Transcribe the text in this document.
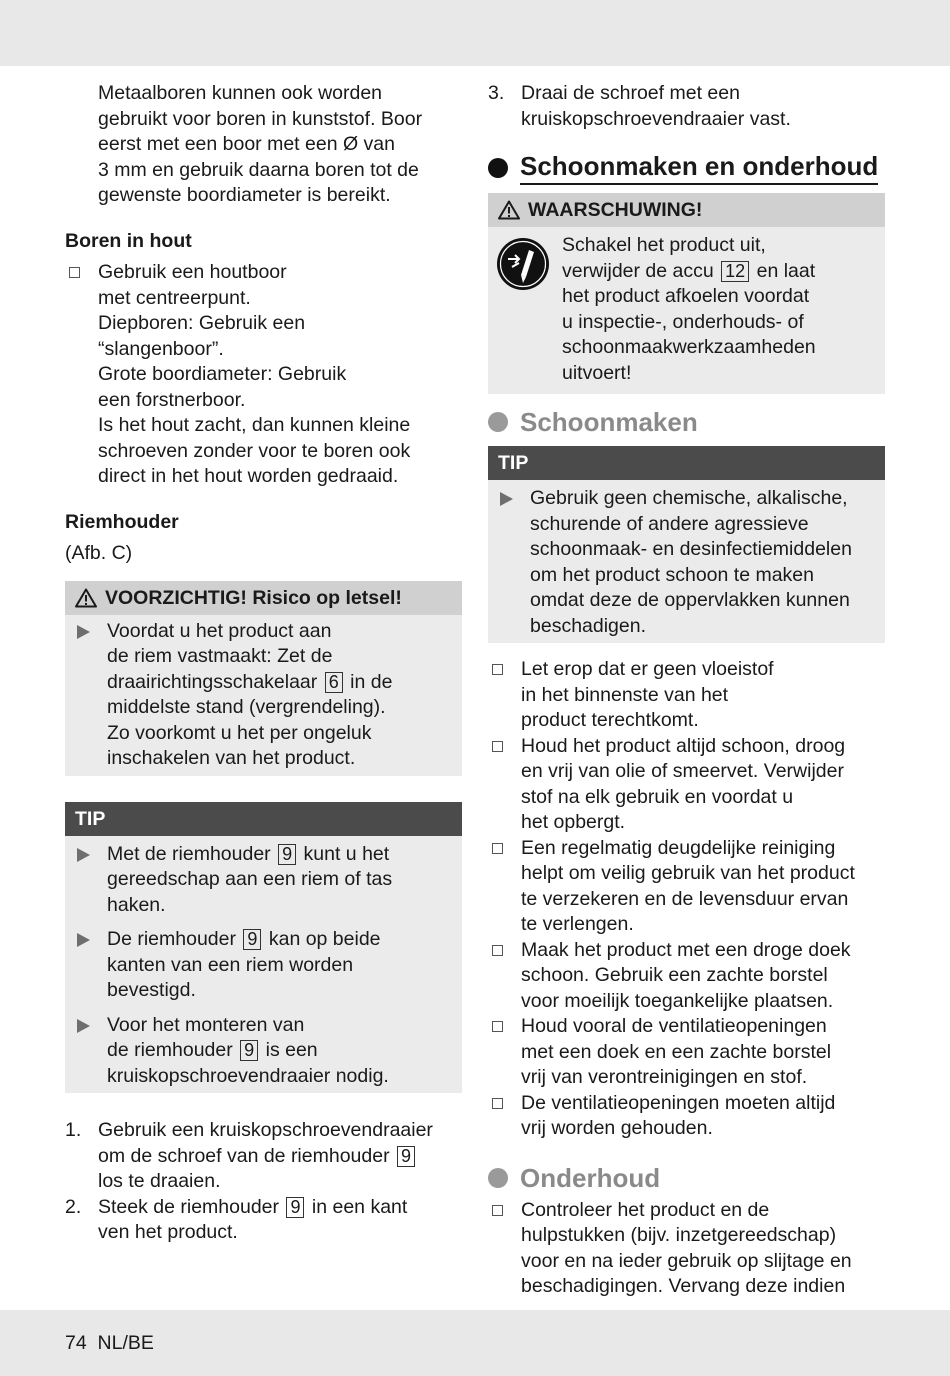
Metaalboren kunnen ook worden
gebruikt voor boren in kunststof. Boor
eerst met een boor met een Ø van
3 mm en gebruik daarna boren tot de
gewenste boordiameter is bereikt.
Boren in hout
Gebruik een houtboor
met centreerpunt.
Diepboren: Gebruik een
“slangenboor”.
Grote boordiameter: Gebruik
een forstnerboor.
Is het hout zacht, dan kunnen kleine
schroeven zonder voor te boren ook
direct in het hout worden gedraaid.
Riemhouder
(Afb. C)
VOORZICHTIG! Risico op letsel!
Voordat u het product aan
de riem vastmaakt: Zet de
draairichtingsschakelaar 6 in de
middelste stand (vergrendeling).
Zo voorkomt u het per ongeluk
inschakelen van het product.
TIP
Met de riemhouder 9 kunt u het
gereedschap aan een riem of tas
haken.
De riemhouder 9 kan op beide
kanten van een riem worden
bevestigd.
Voor het monteren van
de riemhouder 9 is een
kruiskopschroevendraaier nodig.
1. Gebruik een kruiskopschroevendraaier
om de schroef van de riemhouder 9
los te draaien.
2. Steek de riemhouder 9 in een kant
ven het product.
3. Draai de schroef met een
kruiskopschroevendraaier vast.
Schoonmaken en onderhoud
WAARSCHUWING!
Schakel het product uit,
verwijder de accu 12 en laat
het product afkoelen voordat
u inspectie-, onderhouds- of
schoonmaakwerkzaamheden
uitvoert!
Schoonmaken
TIP
Gebruik geen chemische, alkalische,
schurende of andere agressieve
schoonmaak- en desinfectiemiddelen
om het product schoon te maken
omdat deze de oppervlakken kunnen
beschadigen.
Let erop dat er geen vloeistof
in het binnenste van het
product terechtkomt.
Houd het product altijd schoon, droog
en vrij van olie of smeervet. Verwijder
stof na elk gebruik en voordat u
het opbergt.
Een regelmatig deugdelijke reiniging
helpt om veilig gebruik van het product
te verzekeren en de levensduur ervan
te verlengen.
Maak het product met een droge doek
schoon. Gebruik een zachte borstel
voor moeilijk toegankelijke plaatsen.
Houd vooral de ventilatieopeningen
met een doek en een zachte borstel
vrij van verontreinigingen en stof.
De ventilatieopeningen moeten altijd
vrij worden gehouden.
Onderhoud
Controleer het product en de
hulpstukken (bijv. inzetgereedschap)
voor en na ieder gebruik op slijtage en
beschadigingen. Vervang deze indien
74 NL/BE
